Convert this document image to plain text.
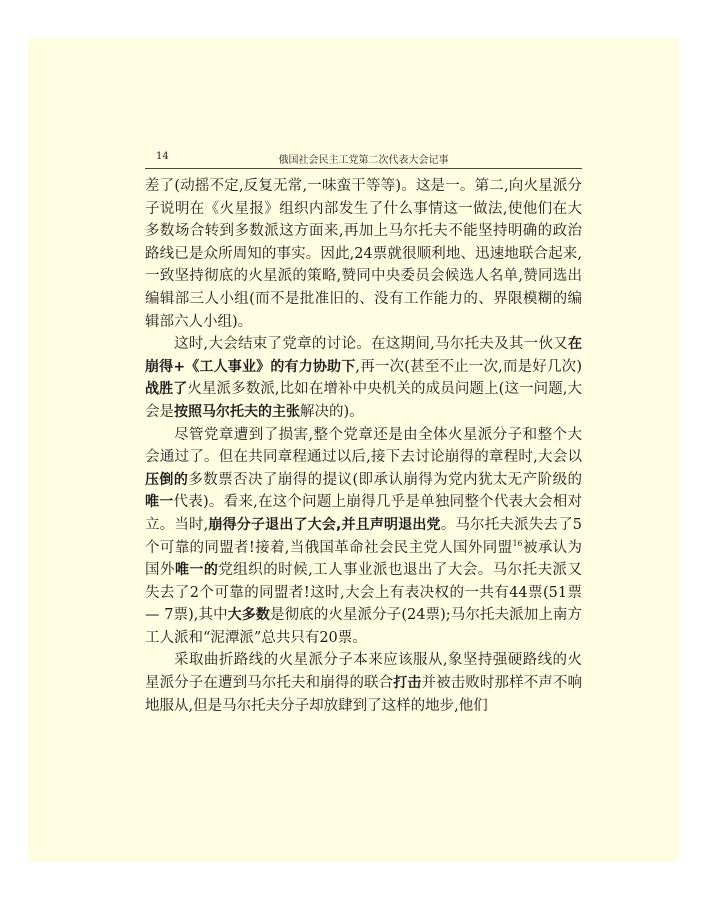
14	俄国社会民主工党第二次代表大会记事

差了(动摇不定,反复无常,一味蛮干等等)。这是一。第二,向火星派分子说明在《火星报》组织内部发生了什么事情这一做法,使他们在大多数场合转到多数派这方面来,再加上马尔托夫不能坚持明确的政治路线已是众所周知的事实。因此,24票就很顺利地、迅速地联合起来,一致坚持彻底的火星派的策略,赞同中央委员会候选人名单,赞同选出编辑部三人小组(而不是批准旧的、没有工作能力的、界限模糊的编辑部六人小组)。

这时,大会结束了党章的讨论。在这期间,马尔托夫及其一伙又在崩得+《工人事业》的有力协助下,再一次(甚至不止一次,而是好几次)战胜了火星派多数派,比如在增补中央机关的成员问题上(这一问题,大会是按照马尔托夫的主张解决的)。

尽管党章遭到了损害,整个党章还是由全体火星派分子和整个大会通过了。但在共同章程通过以后,接下去讨论崩得的章程时,大会以压倒的多数票否决了崩得的提议(即承认崩得为党内犹太无产阶级的唯一代表)。看来,在这个问题上崩得几乎是单独同整个代表大会相对立。当时,崩得分子退出了大会,并且声明退出党。马尔托夫派失去了5个可靠的同盟者!接着,当俄国革命社会民主党人国外同盟$^{16}$被承认为国外唯一的党组织的时候,工人事业派也退出了大会。马尔托夫派又失去了2个可靠的同盟者!这时,大会上有表决权的一共有44票(51票— 7票),其中大多数是彻底的火星派分子(24票);马尔托夫派加上南方工人派和“泥潭派”总共只有20票。

采取曲折路线的火星派分子本来应该服从,象坚持强硬路线的火星派分子在遭到马尔托夫和崩得的联合打击并被击败时那样不声不响地服从,但是马尔托夫分子却放肆到了这样的地步,他们
